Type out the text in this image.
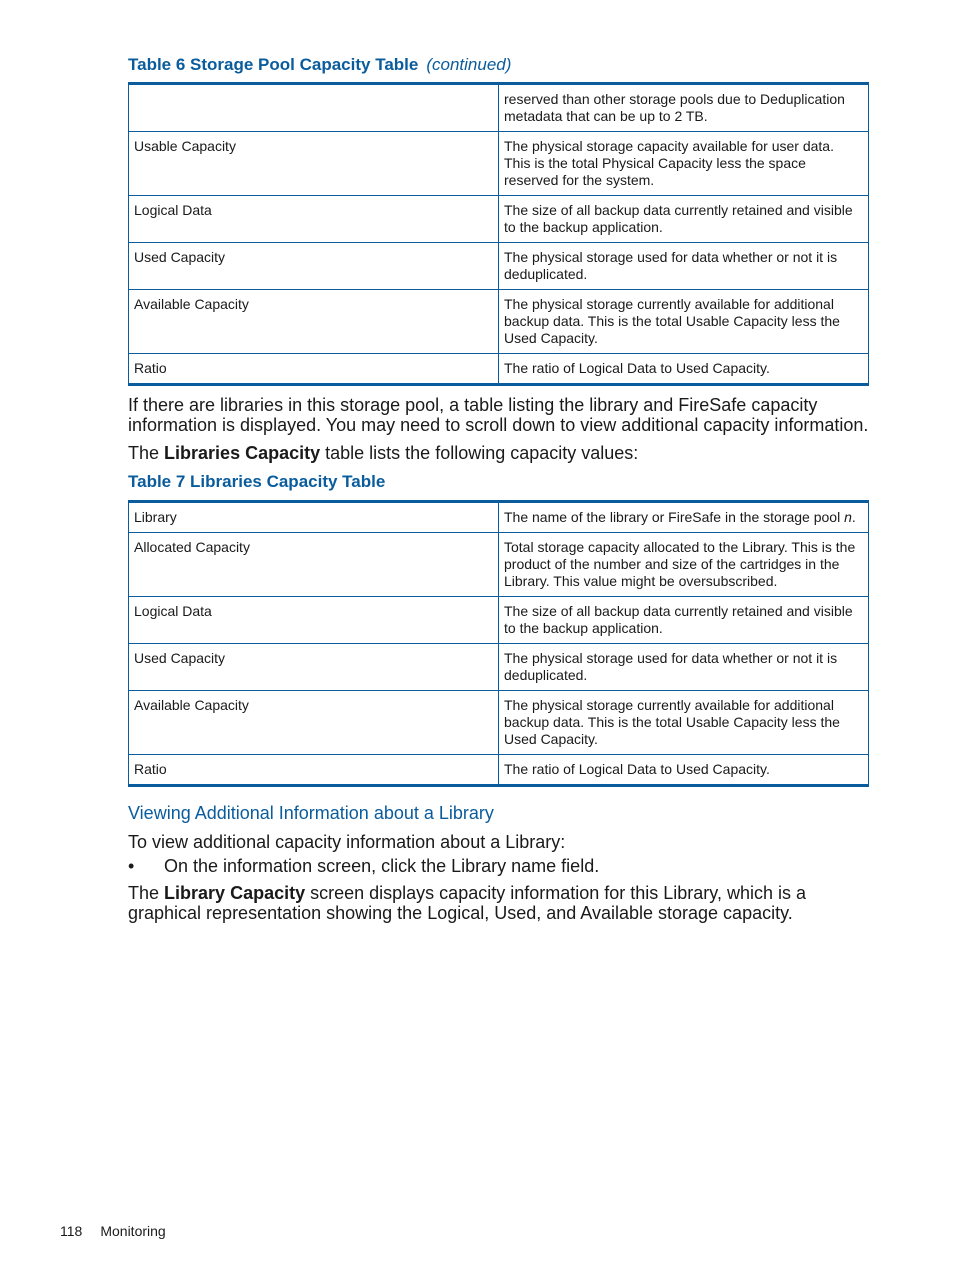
Table 6 Storage Pool Capacity Table (continued)
	reserved than other storage pools due to Deduplication metadata that can be up to 2 TB.
Usable Capacity	The physical storage capacity available for user data. This is the total Physical Capacity less the space reserved for the system.
Logical Data	The size of all backup data currently retained and visible to the backup application.
Used Capacity	The physical storage used for data whether or not it is deduplicated.
Available Capacity	The physical storage currently available for additional backup data. This is the total Usable Capacity less the Used Capacity.
Ratio	The ratio of Logical Data to Used Capacity.
If there are libraries in this storage pool, a table listing the library and FireSafe capacity information is displayed. You may need to scroll down to view additional capacity information.
The Libraries Capacity table lists the following capacity values:
Table 7 Libraries Capacity Table
Library	The name of the library or FireSafe in the storage pool n.
Allocated Capacity	Total storage capacity allocated to the Library. This is the product of the number and size of the cartridges in the Library. This value might be oversubscribed.
Logical Data	The size of all backup data currently retained and visible to the backup application.
Used Capacity	The physical storage used for data whether or not it is deduplicated.
Available Capacity	The physical storage currently available for additional backup data. This is the total Usable Capacity less the Used Capacity.
Ratio	The ratio of Logical Data to Used Capacity.
Viewing Additional Information about a Library
To view additional capacity information about a Library:
• On the information screen, click the Library name field.
The Library Capacity screen displays capacity information for this Library, which is a graphical representation showing the Logical, Used, and Available storage capacity.
118 Monitoring
